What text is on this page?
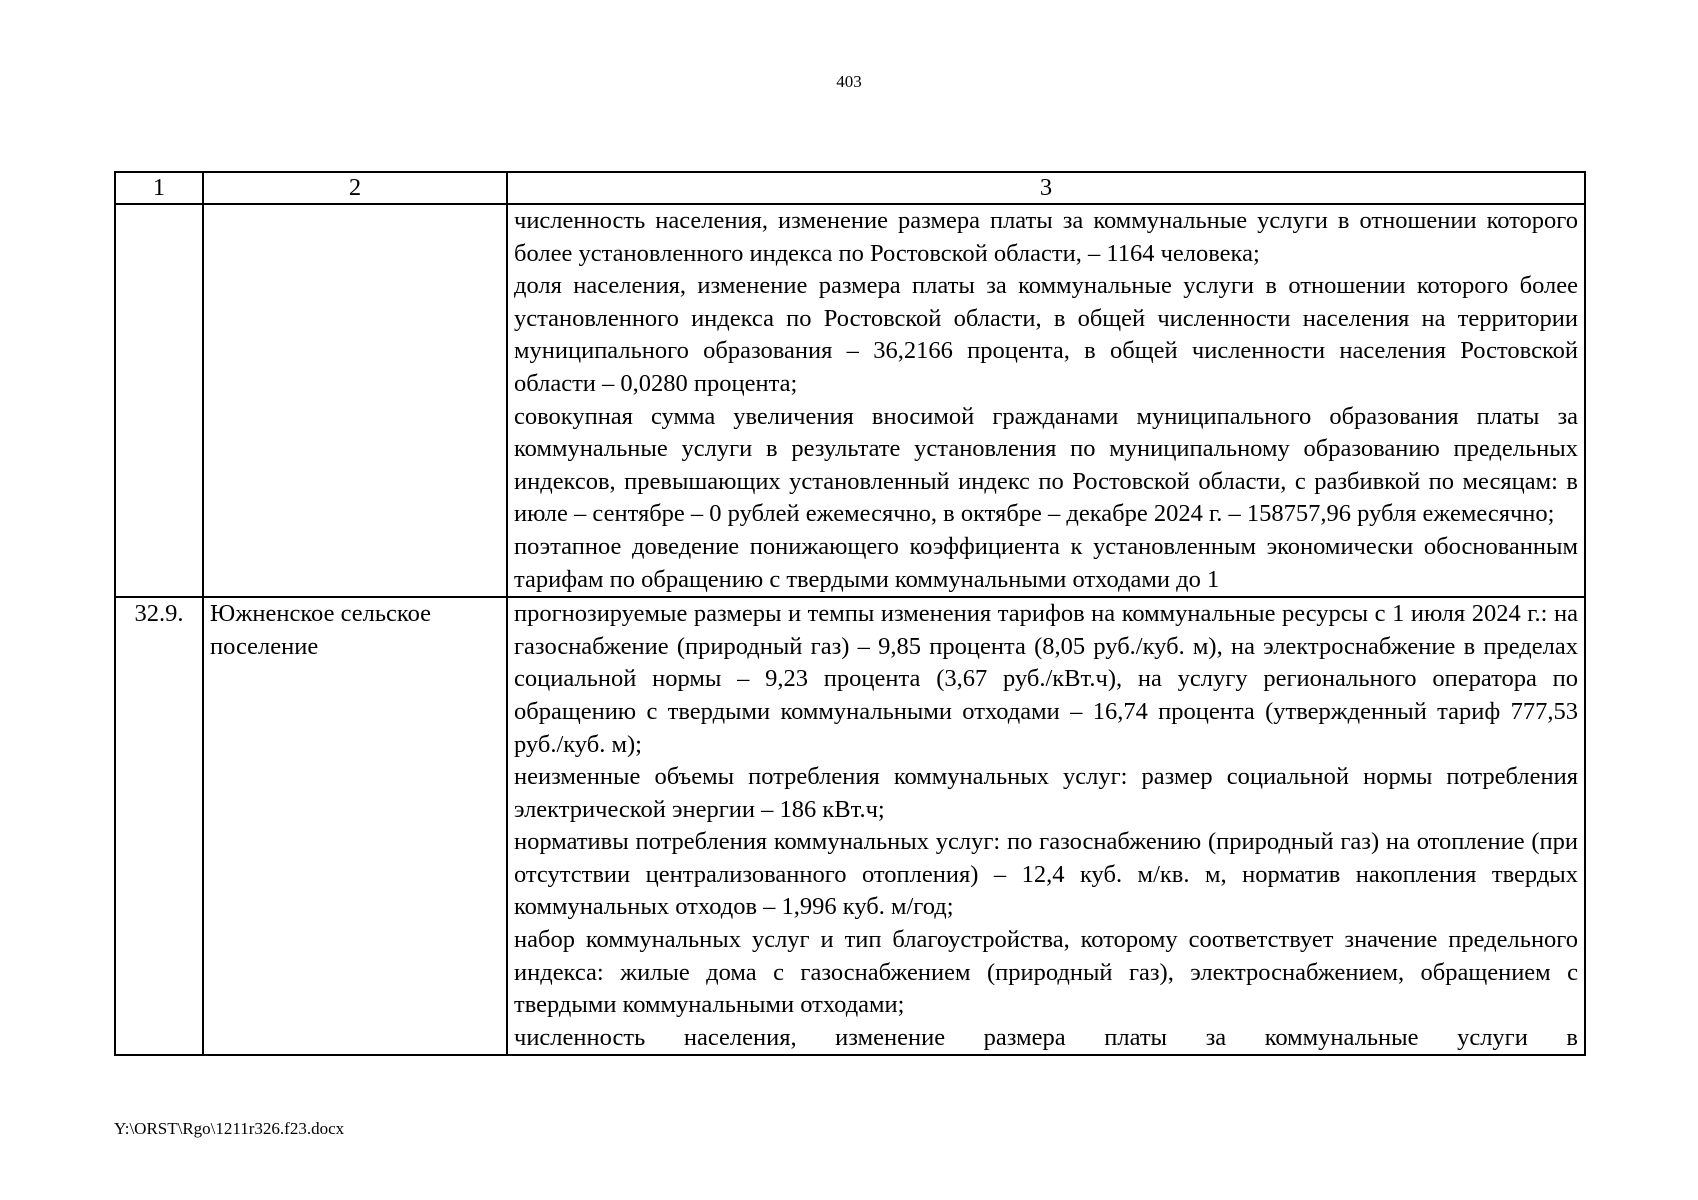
403
1	2	3

		численность населения, изменение размера платы за коммунальные услуги в отношении которого более установленного индекса по Ростовской области, – 1164 человека;
доля населения, изменение размера платы за коммунальные услуги в отношении которого более установленного индекса по Ростовской области, в общей численности населения на территории муниципального образования – 36,2166 процента, в общей численности населения Ростовской области – 0,0280 процента;
совокупная сумма увеличения вносимой гражданами муниципального образования платы за коммунальные услуги в результате установления по муниципальному образованию предельных индексов, превышающих установленный индекс по Ростовской области, с разбивкой по месяцам: в июле – сентябре – 0 рублей ежемесячно, в октябре – декабре 2024 г. – 158757,96 рубля ежемесячно;
поэтапное доведение понижающего коэффициента к установленным экономически обоснованным тарифам по обращению с твердыми коммунальными отходами до 1

32.9.	Южненское сельское поселение	прогнозируемые размеры и темпы изменения тарифов на коммунальные ресурсы с 1 июля 2024 г.: на газоснабжение (природный газ) – 9,85 процента (8,05 руб./куб. м), на электроснабжение в пределах социальной нормы – 9,23 процента (3,67 руб./кВт.ч), на услугу регионального оператора по обращению с твердыми коммунальными отходами – 16,74 процента (утвержденный тариф 777,53 руб./куб. м);
неизменные объемы потребления коммунальных услуг: размер социальной нормы потребления электрической энергии – 186 кВт.ч;
нормативы потребления коммунальных услуг: по газоснабжению (природный газ) на отопление (при отсутствии централизованного отопления) – 12,4 куб. м/кв. м, норматив накопления твердых коммунальных отходов – 1,996 куб. м/год;
набор коммунальных услуг и тип благоустройства, которому соответствует значение предельного индекса: жилые дома с газоснабжением (природный газ), электроснабжением, обращением с твердыми коммунальными отходами;
численность населения, изменение размера платы за коммунальные услуги в
Y:\ORST\Rgo\1211r326.f23.docx
